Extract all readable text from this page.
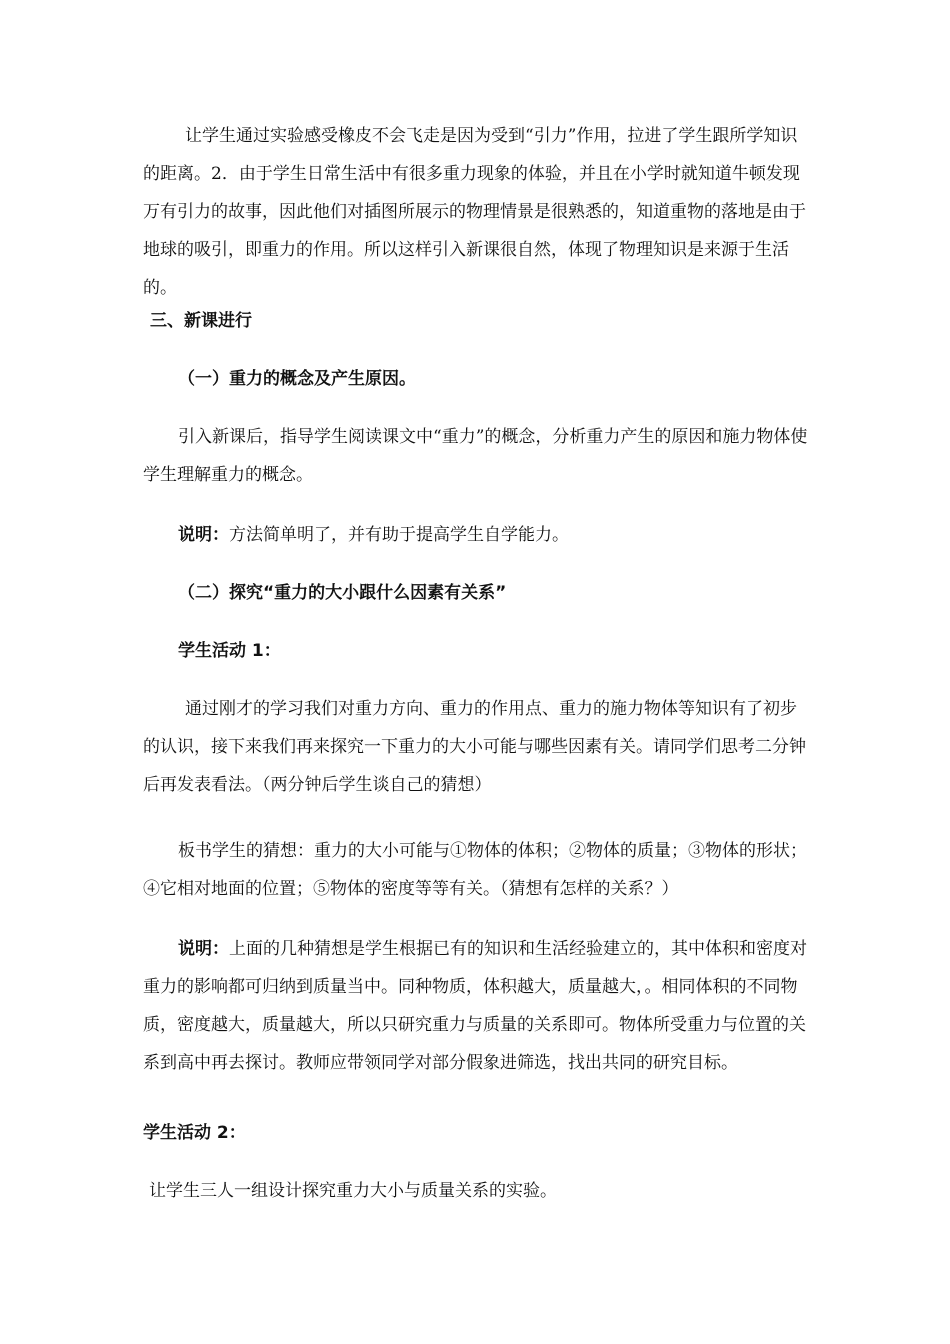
让学生通过实验感受橡皮不会飞走是因为受到“引力”作用，拉进了学生跟所学知识的距离。2．由于学生日常生活中有很多重力现象的体验，并且在小学时就知道牛顿发现万有引力的故事，因此他们对插图所展示的物理情景是很熟悉的，知道重物的落地是由于地球的吸引，即重力的作用。所以这样引入新课很自然，体现了物理知识是来源于生活的。

三、新课进行

（一）重力的概念及产生原因。

引入新课后，指导学生阅读课文中“重力”的概念，分析重力产生的原因和施力物体使学生理解重力的概念。

说明：方法简单明了，并有助于提高学生自学能力。

（二）探究“重力的大小跟什么因素有关系”

学生活动 1：

通过刚才的学习我们对重力方向、重力的作用点、重力的施力物体等知识有了初步的认识，接下来我们再来探究一下重力的大小可能与哪些因素有关。请同学们思考二分钟后再发表看法。（两分钟后学生谈自己的猜想）

板书学生的猜想：重力的大小可能与①物体的体积；②物体的质量；③物体的形状；④它相对地面的位置；⑤物体的密度等等有关。（猜想有怎样的关系？）

说明：上面的几种猜想是学生根据已有的知识和生活经验建立的，其中体积和密度对重力的影响都可归纳到质量当中。同种物质，体积越大，质量越大，。相同体积的不同物质，密度越大，质量越大，所以只研究重力与质量的关系即可。物体所受重力与位置的关系到高中再去探讨。教师应带领同学对部分假象进筛选，找出共同的研究目标。

学生活动 2：

让学生三人一组设计探究重力大小与质量关系的实验。
